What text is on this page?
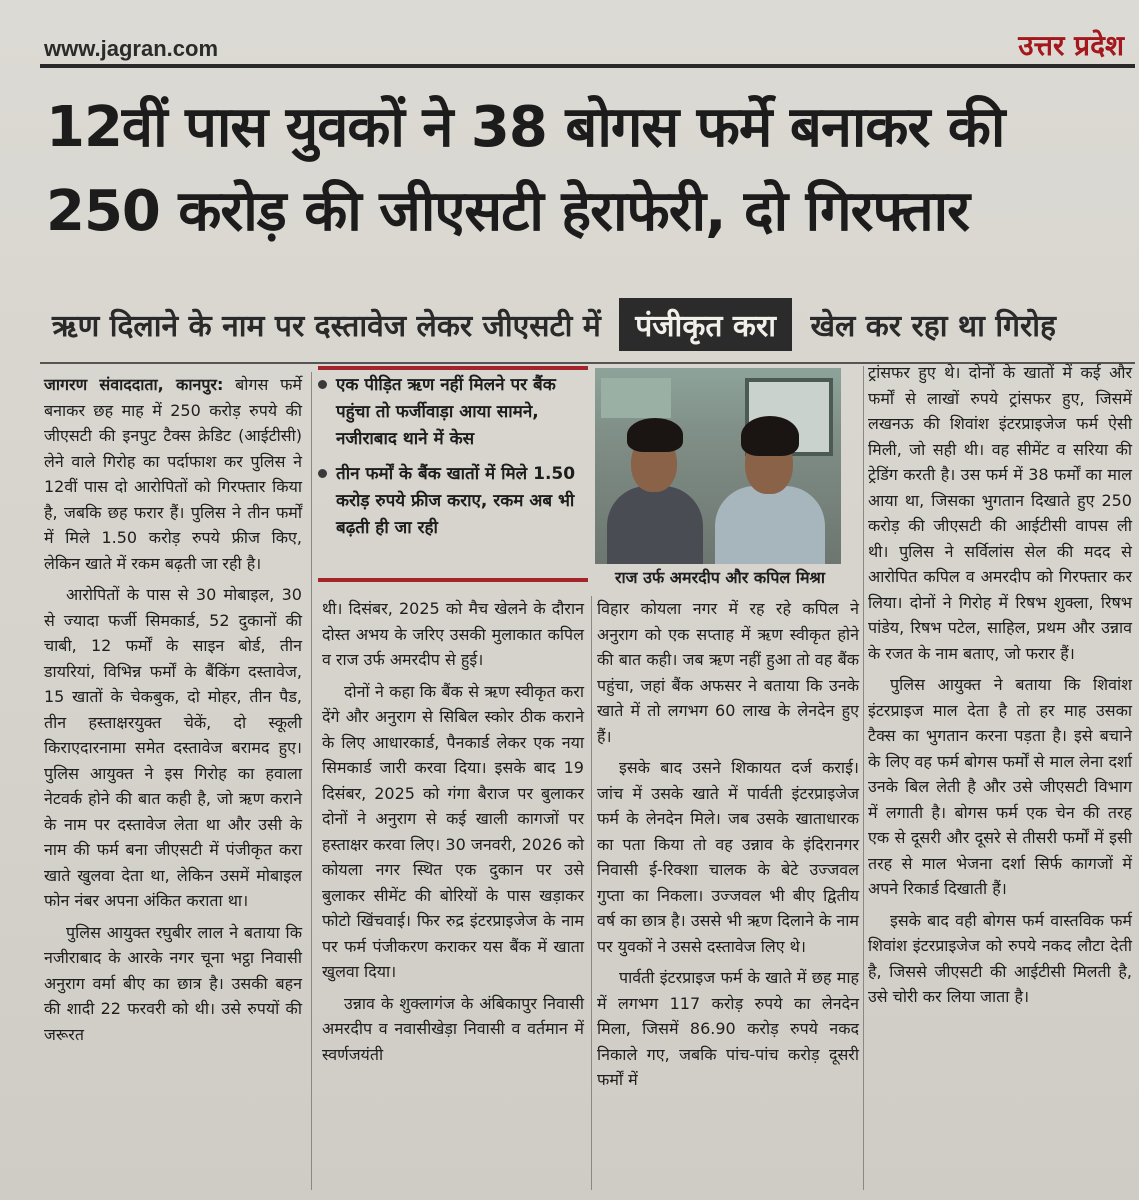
www.jagran.com	उत्तर प्रदेश
12वीं पास युवकों ने 38 बोगस फर्मे बनाकर की
250 करोड़ की जीएसटी हेराफेरी, दो गिरफ्तार
ऋण दिलाने के नाम पर दस्तावेज लेकर जीएसटी में पंजीकृत करा खेल कर रहा था गिरोह

जागरण संवाददाता, कानपुर: बोगस फर्मे बनाकर छह माह में 250 करोड़ रुपये की जीएसटी की इनपुट टैक्स क्रेडिट (आईटीसी) लेने वाले गिरोह का पर्दाफाश कर पुलिस ने 12वीं पास दो आरोपितों को गिरफ्तार किया है, जबकि छह फरार हैं। पुलिस ने तीन फर्मों में मिले 1.50 करोड़ रुपये फ्रीज किए, लेकिन खाते में रकम बढ़ती जा रही है।

आरोपितों के पास से 30 मोबाइल, 30 से ज्यादा फर्जी सिमकार्ड, 52 दुकानों की चाबी, 12 फर्मों के साइन बोर्ड, तीन डायरियां, विभिन्न फर्मों के बैंकिंग दस्तावेज, 15 खातों के चेकबुक, दो मोहर, तीन पैड, तीन हस्ताक्षरयुक्त चेकें, दो स्कूली किराएदारनामा समेत दस्तावेज बरामद हुए। पुलिस आयुक्त ने इस गिरोह का हवाला नेटवर्क होने की बात कही है, जो ऋण कराने के नाम पर दस्तावेज लेता था और उसी के नाम की फर्म बना जीएसटी में पंजीकृत करा खाते खुलवा देता था, लेकिन उसमें मोबाइल फोन नंबर अपना अंकित कराता था।

पुलिस आयुक्त रघुबीर लाल ने बताया कि नजीराबाद के आरके नगर चूना भट्ठा निवासी अनुराग वर्मा बीए का छात्र है। उसकी बहन की शादी 22 फरवरी को थी। उसे रुपयों की जरूरत

एक पीड़ित ऋण नहीं मिलने पर बैंक पहुंचा तो फर्जीवाड़ा आया सामने, नजीराबाद थाने में केस
तीन फर्मों के बैंक खातों में मिले 1.50 करोड़ रुपये फ्रीज कराए, रकम अब भी बढ़ती ही जा रही
राज उर्फ अमरदीप और कपिल मिश्रा

थी। दिसंबर, 2025 को मैच खेलने के दौरान दोस्त अभय के जरिए उसकी मुलाकात कपिल व राज उर्फ अमरदीप से हुई।

दोनों ने कहा कि बैंक से ऋण स्वीकृत करा देंगे और अनुराग से सिबिल स्कोर ठीक कराने के लिए आधारकार्ड, पैनकार्ड लेकर एक नया सिमकार्ड जारी करवा दिया। इसके बाद 19 दिसंबर, 2025 को गंगा बैराज पर बुलाकर दोनों ने अनुराग से कई खाली कागजों पर हस्ताक्षर करवा लिए। 30 जनवरी, 2026 को कोयला नगर स्थित एक दुकान पर उसे बुलाकर सीमेंट की बोरियों के पास खड़ाकर फोटो खिंचवाई। फिर रुद्र इंटरप्राइजेज के नाम पर फर्म पंजीकरण कराकर यस बैंक में खाता खुलवा दिया।

उन्नाव के शुक्लागंज के अंबिकापुर निवासी अमरदीप व नवासीखेड़ा निवासी व वर्तमान में स्वर्णजयंती

विहार कोयला नगर में रह रहे कपिल ने अनुराग को एक सप्ताह में ऋण स्वीकृत होने की बात कही। जब ऋण नहीं हुआ तो वह बैंक पहुंचा, जहां बैंक अफसर ने बताया कि उनके खाते में तो लगभग 60 लाख के लेनदेन हुए हैं।

इसके बाद उसने शिकायत दर्ज कराई। जांच में उसके खाते में पार्वती इंटरप्राइजेज फर्म के लेनदेन मिले। जब उसके खाताधारक का पता किया तो वह उन्नाव के इंदिरानगर निवासी ई-रिक्शा चालक के बेटे उज्जवल गुप्ता का निकला। उज्जवल भी बीए द्वितीय वर्ष का छात्र है। उससे भी ऋण दिलाने के नाम पर युवकों ने उससे दस्तावेज लिए थे।

पार्वती इंटरप्राइज फर्म के खाते में छह माह में लगभग 117 करोड़ रुपये का लेनदेन मिला, जिसमें 86.90 करोड़ रुपये नकद निकाले गए, जबकि पांच-पांच करोड़ दूसरी फर्मों में

ट्रांसफर हुए थे। दोनों के खातों में कई और फर्मों से लाखों रुपये ट्रांसफर हुए, जिसमें लखनऊ की शिवांश इंटरप्राइजेज फर्म ऐसी मिली, जो सही थी। वह सीमेंट व सरिया की ट्रेडिंग करती है। उस फर्म में 38 फर्मों का माल आया था, जिसका भुगतान दिखाते हुए 250 करोड़ की जीएसटी की आईटीसी वापस ली थी। पुलिस ने सर्विलांस सेल की मदद से आरोपित कपिल व अमरदीप को गिरफ्तार कर लिया। दोनों ने गिरोह में रिषभ शुक्ला, रिषभ पांडेय, रिषभ पटेल, साहिल, प्रथम और उन्नाव के रजत के नाम बताए, जो फरार हैं।

पुलिस आयुक्त ने बताया कि शिवांश इंटरप्राइज माल देता है तो हर माह उसका टैक्स का भुगतान करना पड़ता है। इसे बचाने के लिए वह फर्म बोगस फर्मों से माल लेना दर्शा उनके बिल लेती है और उसे जीएसटी विभाग में लगाती है। बोगस फर्म एक चेन की तरह एक से दूसरी और दूसरे से तीसरी फर्मों में इसी तरह से माल भेजना दर्शा सिर्फ कागजों में अपने रिकार्ड दिखाती हैं।

इसके बाद वही बोगस फर्म वास्तविक फर्म शिवांश इंटरप्राइजेज को रुपये नकद लौटा देती है, जिससे जीएसटी की आईटीसी मिलती है, उसे चोरी कर लिया जाता है।
